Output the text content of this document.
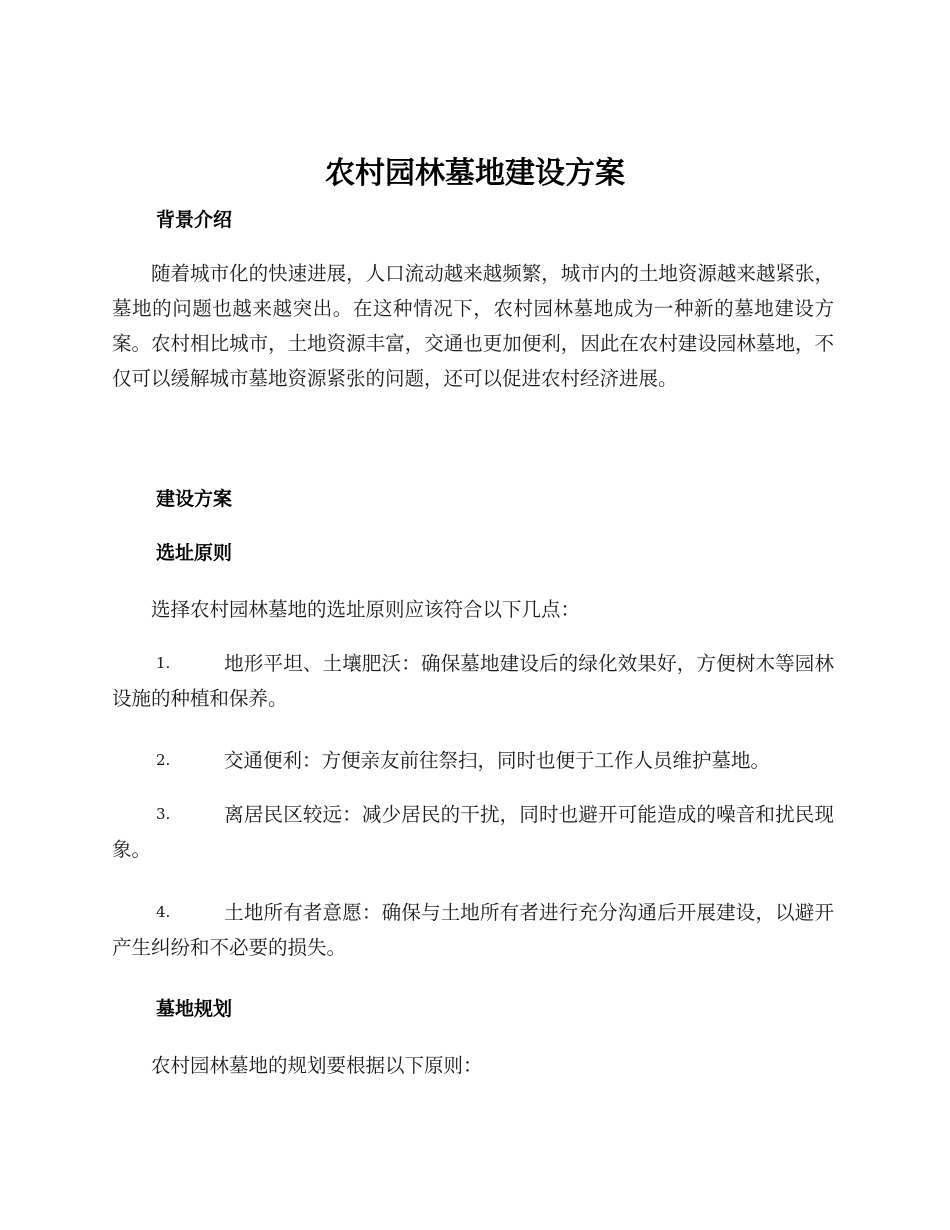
农村园林墓地建设方案
背景介绍

随着城市化的快速进展，人口流动越来越频繁，城市内的土地资源越来越紧张，墓地的问题也越来越突出。在这种情况下，农村园林墓地成为一种新的墓地建设方案。农村相比城市，土地资源丰富，交通也更加便利，因此在农村建设园林墓地，不仅可以缓解城市墓地资源紧张的问题，还可以促进农村经济进展。

建设方案
选址原则

选择农村园林墓地的选址原则应该符合以下几点：

1.	地形平坦、土壤肥沃：确保墓地建设后的绿化效果好，方便树木等园林设施的种植和保养。

2.	交通便利：方便亲友前往祭扫，同时也便于工作人员维护墓地。

3.	离居民区较远：减少居民的干扰，同时也避开可能造成的噪音和扰民现象。

4.	土地所有者意愿：确保与土地所有者进行充分沟通后开展建设，以避开产生纠纷和不必要的损失。

墓地规划

农村园林墓地的规划要根据以下原则：
